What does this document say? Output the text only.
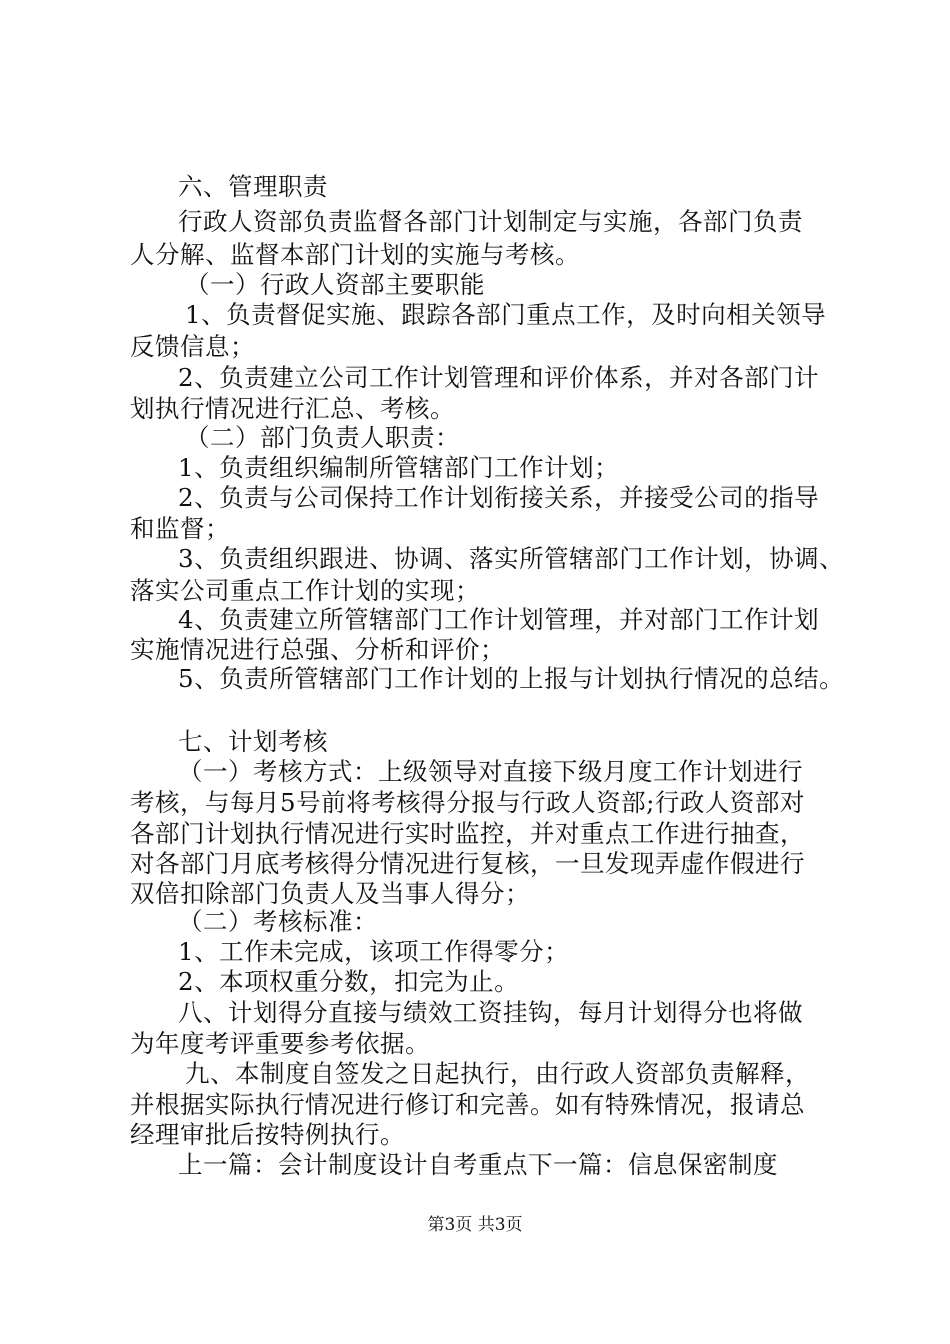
六、管理职责
行政人资部负责监督各部门计划制定与实施，各部门负责
人分解、监督本部门计划的实施与考核。
（一）行政人资部主要职能
1、负责督促实施、跟踪各部门重点工作，及时向相关领导
反馈信息；
2、负责建立公司工作计划管理和评价体系，并对各部门计
划执行情况进行汇总、考核。
（二）部门负责人职责：
1、负责组织编制所管辖部门工作计划；
2、负责与公司保持工作计划衔接关系，并接受公司的指导
和监督；
3、负责组织跟进、协调、落实所管辖部门工作计划，协调、
落实公司重点工作计划的实现；
4、负责建立所管辖部门工作计划管理，并对部门工作计划
实施情况进行总强、分析和评价；
5、负责所管辖部门工作计划的上报与计划执行情况的总结。
七、计划考核
（一）考核方式：上级领导对直接下级月度工作计划进行
考核，与每月5号前将考核得分报与行政人资部;行政人资部对
各部门计划执行情况进行实时监控，并对重点工作进行抽查，
对各部门月底考核得分情况进行复核，一旦发现弄虚作假进行
双倍扣除部门负责人及当事人得分；
（二）考核标准：
1、工作未完成，该项工作得零分；
2、本项权重分数，扣完为止。
八、计划得分直接与绩效工资挂钩，每月计划得分也将做
为年度考评重要参考依据。
九、本制度自签发之日起执行，由行政人资部负责解释，
并根据实际执行情况进行修订和完善。如有特殊情况，报请总
经理审批后按特例执行。
上一篇：会计制度设计自考重点下一篇：信息保密制度
第3页 共3页
